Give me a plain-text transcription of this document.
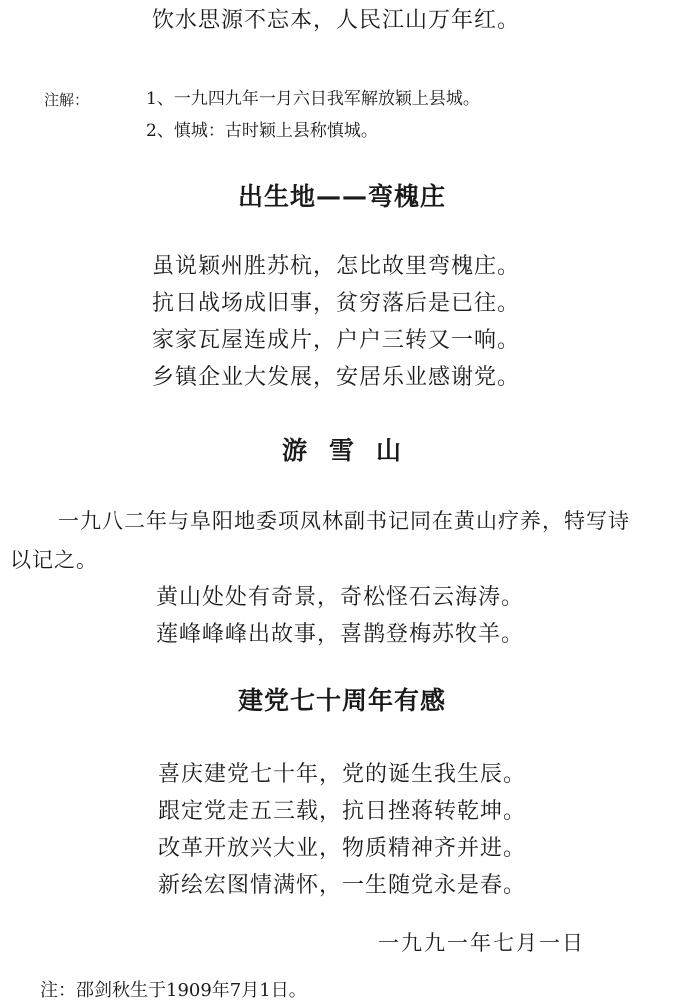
饮水思源不忘本，人民江山万年红。
注解：	1、一九四九年一月六日我军解放颖上县城。
2、慎城：古时颖上县称慎城。
出生地——弯槐庄
虽说颖州胜苏杭，怎比故里弯槐庄。
抗日战场成旧事，贫穷落后是已往。
家家瓦屋连成片，户户三转又一响。
乡镇企业大发展，安居乐业感谢党。
游雪山
一九八二年与阜阳地委项凤林副书记同在黄山疗养，特写诗
以记之。
黄山处处有奇景，奇松怪石云海涛。
莲峰峰峰出故事，喜鹊登梅苏牧羊。
建党七十周年有感
喜庆建党七十年，党的诞生我生辰。
跟定党走五三载，抗日挫蒋转乾坤。
改革开放兴大业，物质精神齐并进。
新绘宏图情满怀，一生随党永是春。
一九九一年七月一日
注：邵剑秋生于1909年7月1日。
